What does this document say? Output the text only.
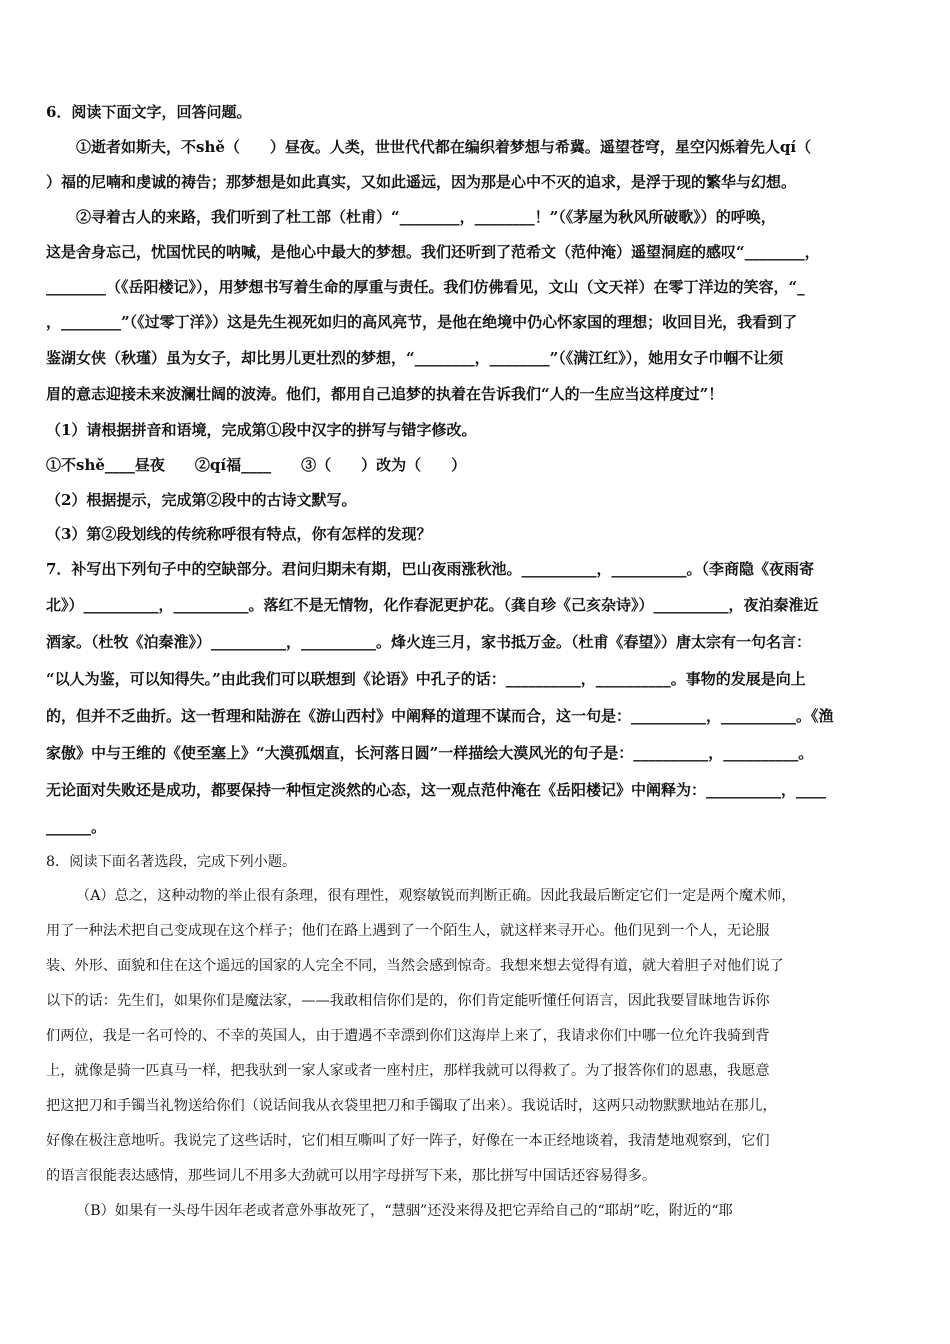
6．阅读下面文字，回答问题。
①逝者如斯夫，不shě（　　）昼夜。人类，世世代代都在编织着梦想与希冀。遥望苍穹，星空闪烁着先人qí（
）福的尼喃和虔诚的祷告；那梦想是如此真实，又如此遥远，因为那是心中不灭的追求，是浮于现的繁华与幻想。
②寻着古人的来路，我们听到了杜工部（杜甫）“________，________！”（《茅屋为秋风所破歌》）的呼唤，
这是舍身忘己，忧国忧民的呐喊，是他心中最大的梦想。我们还听到了范希文（范仲淹）遥望洞庭的感叹“________，
________（《岳阳楼记》），用梦想书写着生命的厚重与责任。我们仿佛看见，文山（文天祥）在零丁洋边的笑容，“_
，________”（《过零丁洋》）这是先生视死如归的高风亮节，是他在绝境中仍心怀家国的理想；收回目光，我看到了
鉴湖女侠（秋瑾）虽为女子，却比男儿更壮烈的梦想，“________，________”（《满江红》），她用女子巾帼不让须
眉的意志迎接未来波澜壮阔的波涛。他们，都用自己追梦的执着在告诉我们“人的一生应当这样度过”！
（1）请根据拼音和语境，完成第①段中汉字的拼写与错字修改。
①不shě____昼夜　　②qí福____　　③（　　）改为（　　）
（2）根据提示，完成第②段中的古诗文默写。
（3）第②段划线的传统称呼很有特点，你有怎样的发现？
7．补写出下列句子中的空缺部分。君问归期未有期，巴山夜雨涨秋池。__________，__________。（李商隐《夜雨寄
北》）__________，__________。落红不是无情物，化作春泥更护花。（龚自珍《己亥杂诗》）__________，夜泊秦淮近
酒家。（杜牧《泊秦淮》）__________，__________。烽火连三月，家书抵万金。（杜甫《春望》）唐太宗有一句名言：
“以人为鉴，可以知得失。”由此我们可以联想到《论语》中孔子的话：__________，__________。事物的发展是向上
的，但并不乏曲折。这一哲理和陆游在《游山西村》中阐释的道理不谋而合，这一句是：__________，__________。《渔
家傲》中与王维的《使至塞上》“大漠孤烟直，长河落日圆”一样描绘大漠风光的句子是：__________，__________。
无论面对失败还是成功，都要保持一种恒定淡然的心态，这一观点范仲淹在《岳阳楼记》中阐释为：__________，____
______。
8．阅读下面名著选段，完成下列小题。
（A）总之，这种动物的举止很有条理，很有理性，观察敏锐而判断正确。因此我最后断定它们一定是两个魔术师，
用了一种法术把自己变成现在这个样子；他们在路上遇到了一个陌生人，就这样来寻开心。他们见到一个人，无论服
装、外形、面貌和住在这个遥远的国家的人完全不同，当然会感到惊奇。我想来想去觉得有道，就大着胆子对他们说了
以下的话：先生们，如果你们是魔法家，——我敢相信你们是的，你们肯定能听懂任何语言，因此我要冒昧地告诉你
们两位，我是一名可怜的、不幸的英国人，由于遭遇不幸漂到你们这海岸上来了，我请求你们中哪一位允许我骑到背
上，就像是骑一匹真马一样，把我驮到一家人家或者一座村庄，那样我就可以得救了。为了报答你们的恩惠，我愿意
把这把刀和手镯当礼物送给你们（说话间我从衣袋里把刀和手镯取了出来）。我说话时，这两只动物默默地站在那儿，
好像在极注意地听。我说完了这些话时，它们相互嘶叫了好一阵子，好像在一本正经地谈着，我清楚地观察到，它们
的语言很能表达感情，那些词儿不用多大劲就可以用字母拼写下来，那比拼写中国话还容易得多。
（B）如果有一头母牛因年老或者意外事故死了，“慧骃”还没来得及把它弄给自己的“耶胡”吃，附近的“耶
